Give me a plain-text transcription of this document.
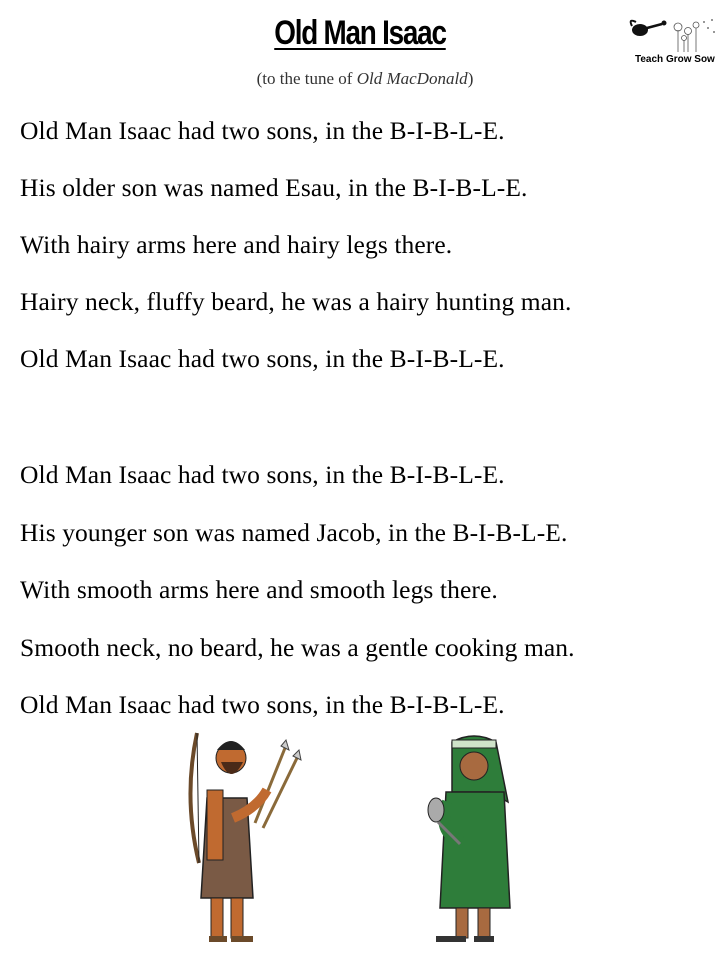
Old Man Isaac
(to the tune of Old MacDonald)
Teach Grow Sow
Old Man Isaac had two sons, in the B-I-B-L-E.
His older son was named Esau, in the B-I-B-L-E.
With hairy arms here and hairy legs there.
Hairy neck, fluffy beard, he was a hairy hunting man.
Old Man Isaac had two sons, in the B-I-B-L-E.
Old Man Isaac had two sons, in the B-I-B-L-E.
His younger son was named Jacob, in the B-I-B-L-E.
With smooth arms here and smooth legs there.
Smooth neck, no beard, he was a gentle cooking man.
Old Man Isaac had two sons, in the B-I-B-L-E.
